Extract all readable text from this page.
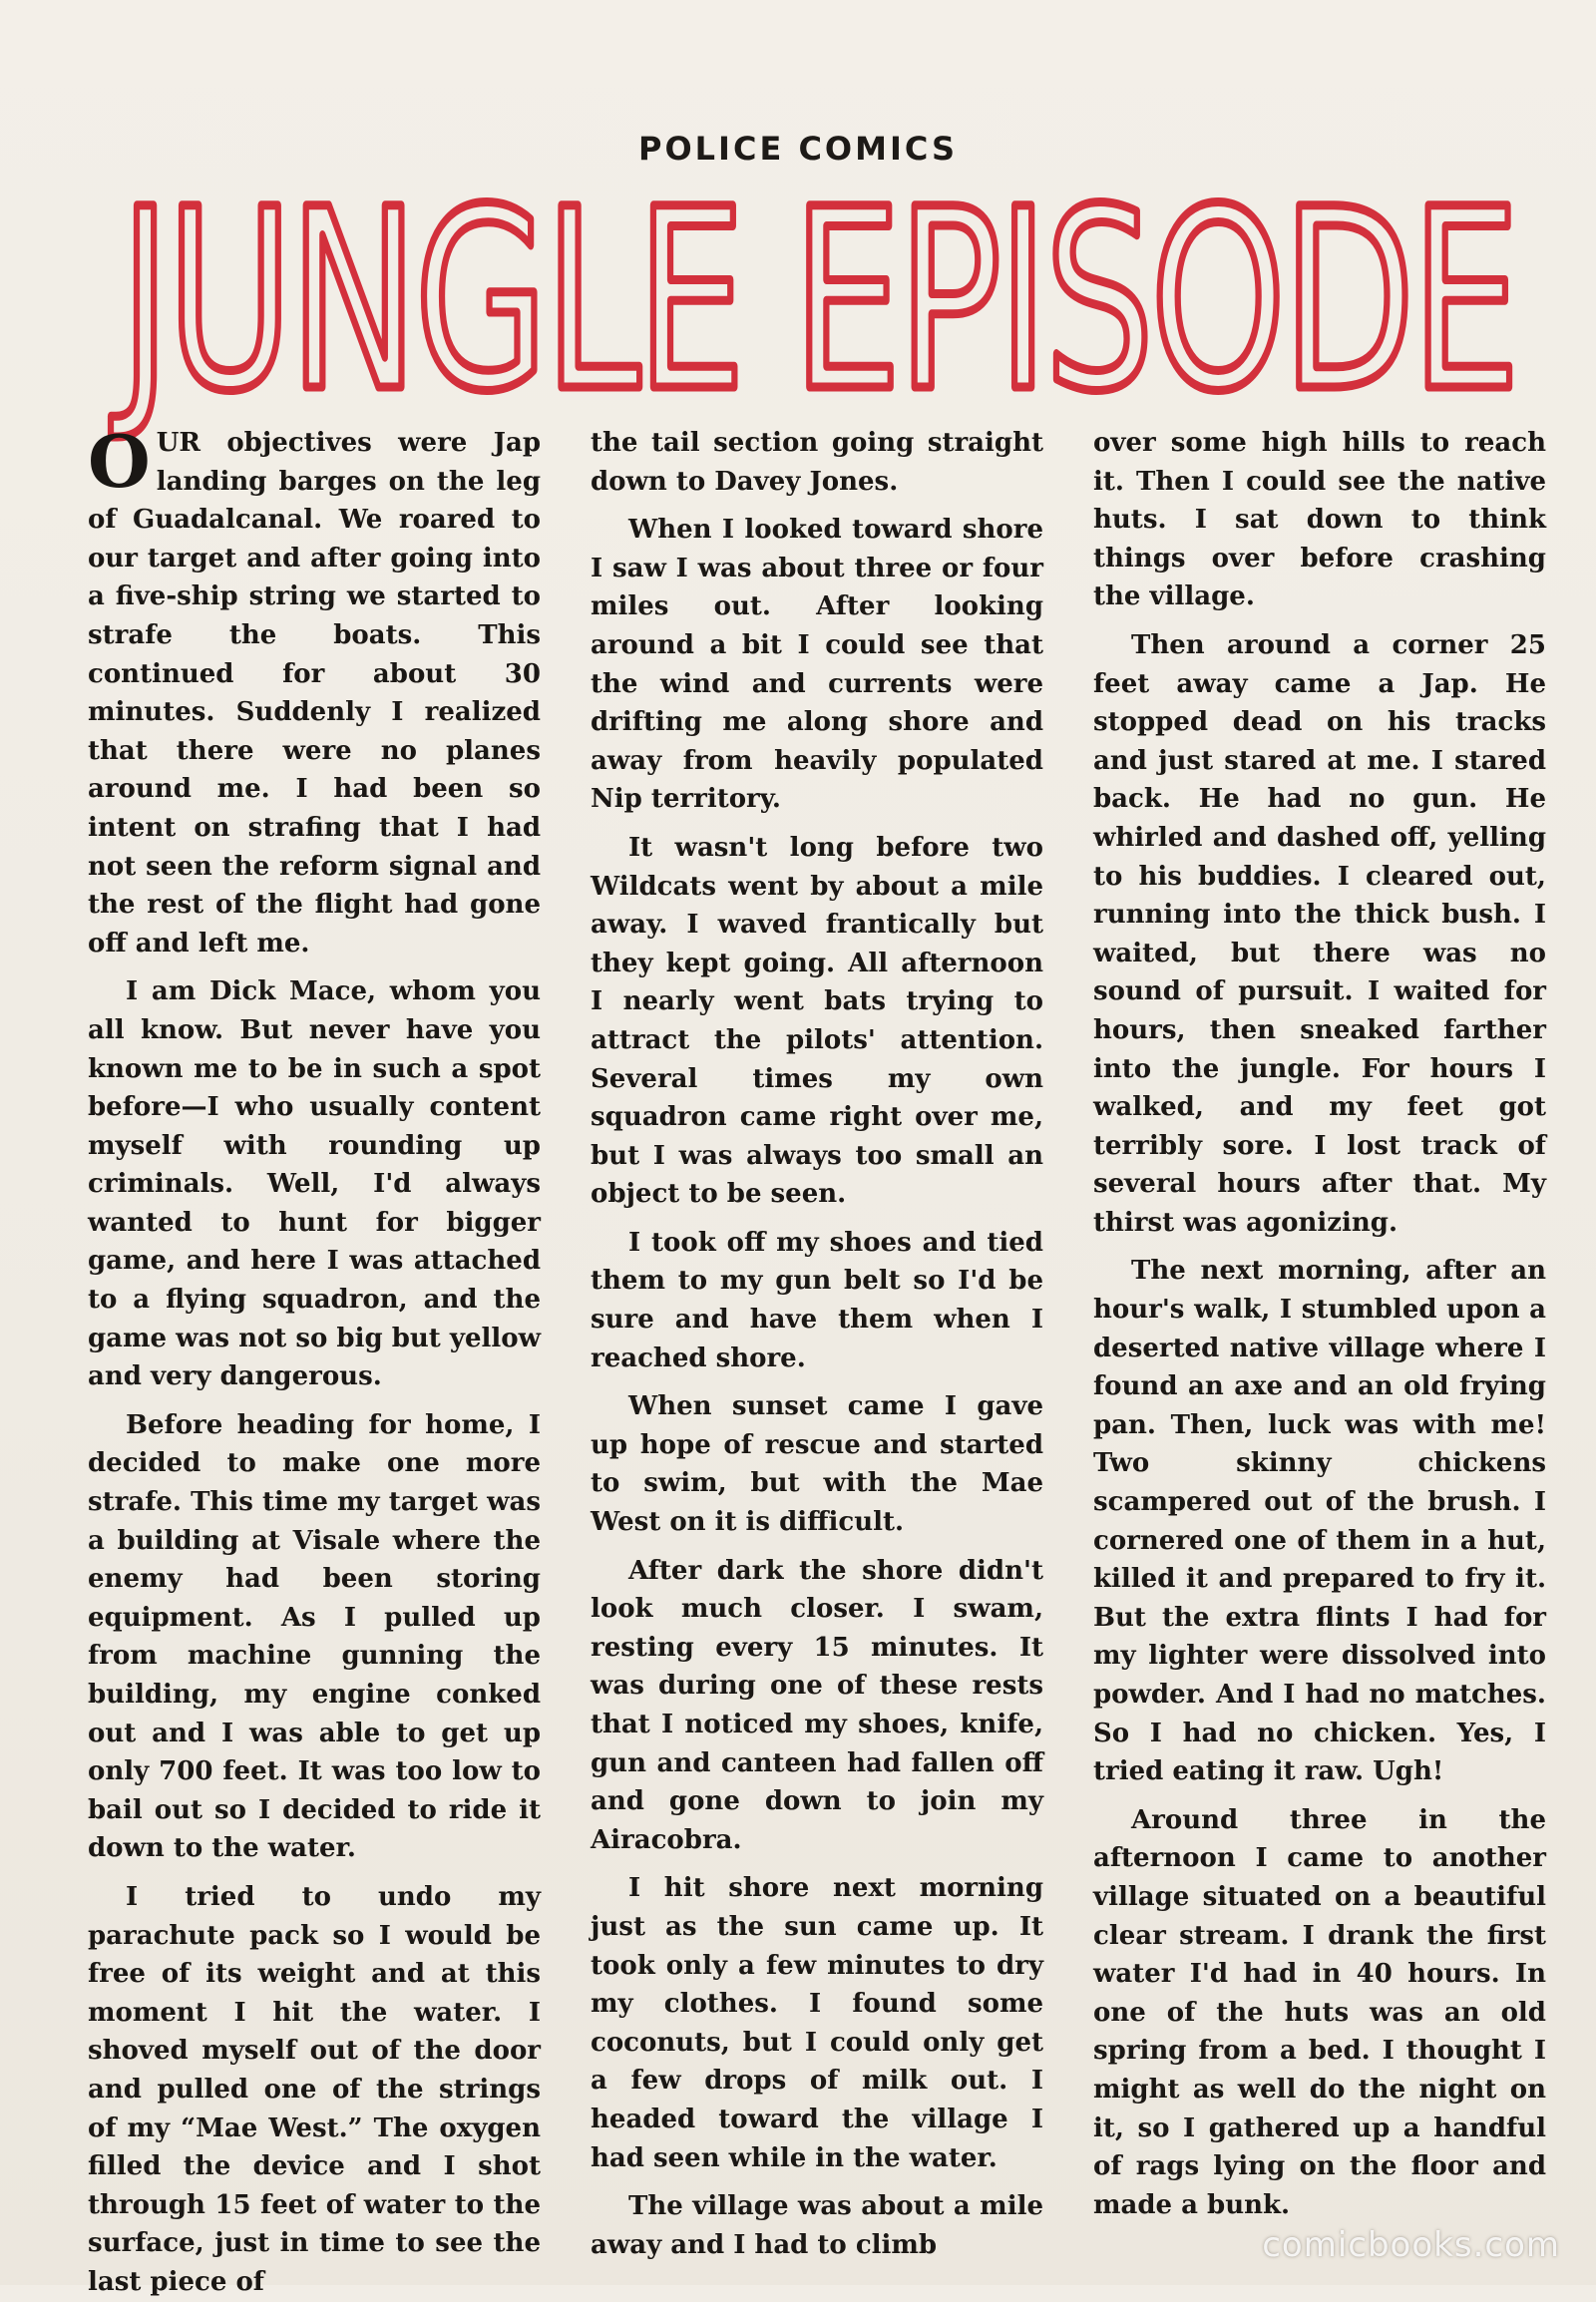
POLICE COMICS
JUNGLE EPISODE

OUR objectives were Jap landing barges on the leg of Guadalcanal. We roared to our target and after going into a five-ship string we started to strafe the boats. This continued for about 30 minutes. Suddenly I realized that there were no planes around me. I had been so intent on strafing that I had not seen the reform signal and the rest of the flight had gone off and left me.

I am Dick Mace, whom you all know. But never have you known me to be in such a spot before—I who usually content myself with rounding up criminals. Well, I'd always wanted to hunt for bigger game, and here I was attached to a flying squadron, and the game was not so big but yellow and very dangerous.

Before heading for home, I decided to make one more strafe. This time my target was a building at Visale where the enemy had been storing equipment. As I pulled up from machine gunning the building, my engine conked out and I was able to get up only 700 feet. It was too low to bail out so I decided to ride it down to the water.

I tried to undo my parachute pack so I would be free of its weight and at this moment I hit the water. I shoved myself out of the door and pulled one of the strings of my “Mae West.” The oxygen filled the device and I shot through 15 feet of water to the surface, just in time to see the last piece of

the tail section going straight down to Davey Jones.

When I looked toward shore I saw I was about three or four miles out. After looking around a bit I could see that the wind and currents were drifting me along shore and away from heavily populated Nip territory.

It wasn't long before two Wildcats went by about a mile away. I waved frantically but they kept going. All afternoon I nearly went bats trying to attract the pilots' attention. Several times my own squadron came right over me, but I was always too small an object to be seen.

I took off my shoes and tied them to my gun belt so I'd be sure and have them when I reached shore.

When sunset came I gave up hope of rescue and started to swim, but with the Mae West on it is difficult.

After dark the shore didn't look much closer. I swam, resting every 15 minutes. It was during one of these rests that I noticed my shoes, knife, gun and canteen had fallen off and gone down to join my Airacobra.

I hit shore next morning just as the sun came up. It took only a few minutes to dry my clothes. I found some coconuts, but I could only get a few drops of milk out. I headed toward the village I had seen while in the water.

The village was about a mile away and I had to climb

over some high hills to reach it. Then I could see the native huts. I sat down to think things over before crashing the village.

Then around a corner 25 feet away came a Jap. He stopped dead on his tracks and just stared at me. I stared back. He had no gun. He whirled and dashed off, yelling to his buddies. I cleared out, running into the thick bush. I waited, but there was no sound of pursuit. I waited for hours, then sneaked farther into the jungle. For hours I walked, and my feet got terribly sore. I lost track of several hours after that. My thirst was agonizing.

The next morning, after an hour's walk, I stumbled upon a deserted native village where I found an axe and an old frying pan. Then, luck was with me! Two skinny chickens scampered out of the brush. I cornered one of them in a hut, killed it and prepared to fry it. But the extra flints I had for my lighter were dissolved into powder. And I had no matches. So I had no chicken. Yes, I tried eating it raw. Ugh!

Around three in the afternoon I came to another village situated on a beautiful clear stream. I drank the first water I'd had in 40 hours. In one of the huts was an old spring from a bed. I thought I might as well do the night on it, so I gathered up a handful of rags lying on the floor and made a bunk.

comicbooks.com
